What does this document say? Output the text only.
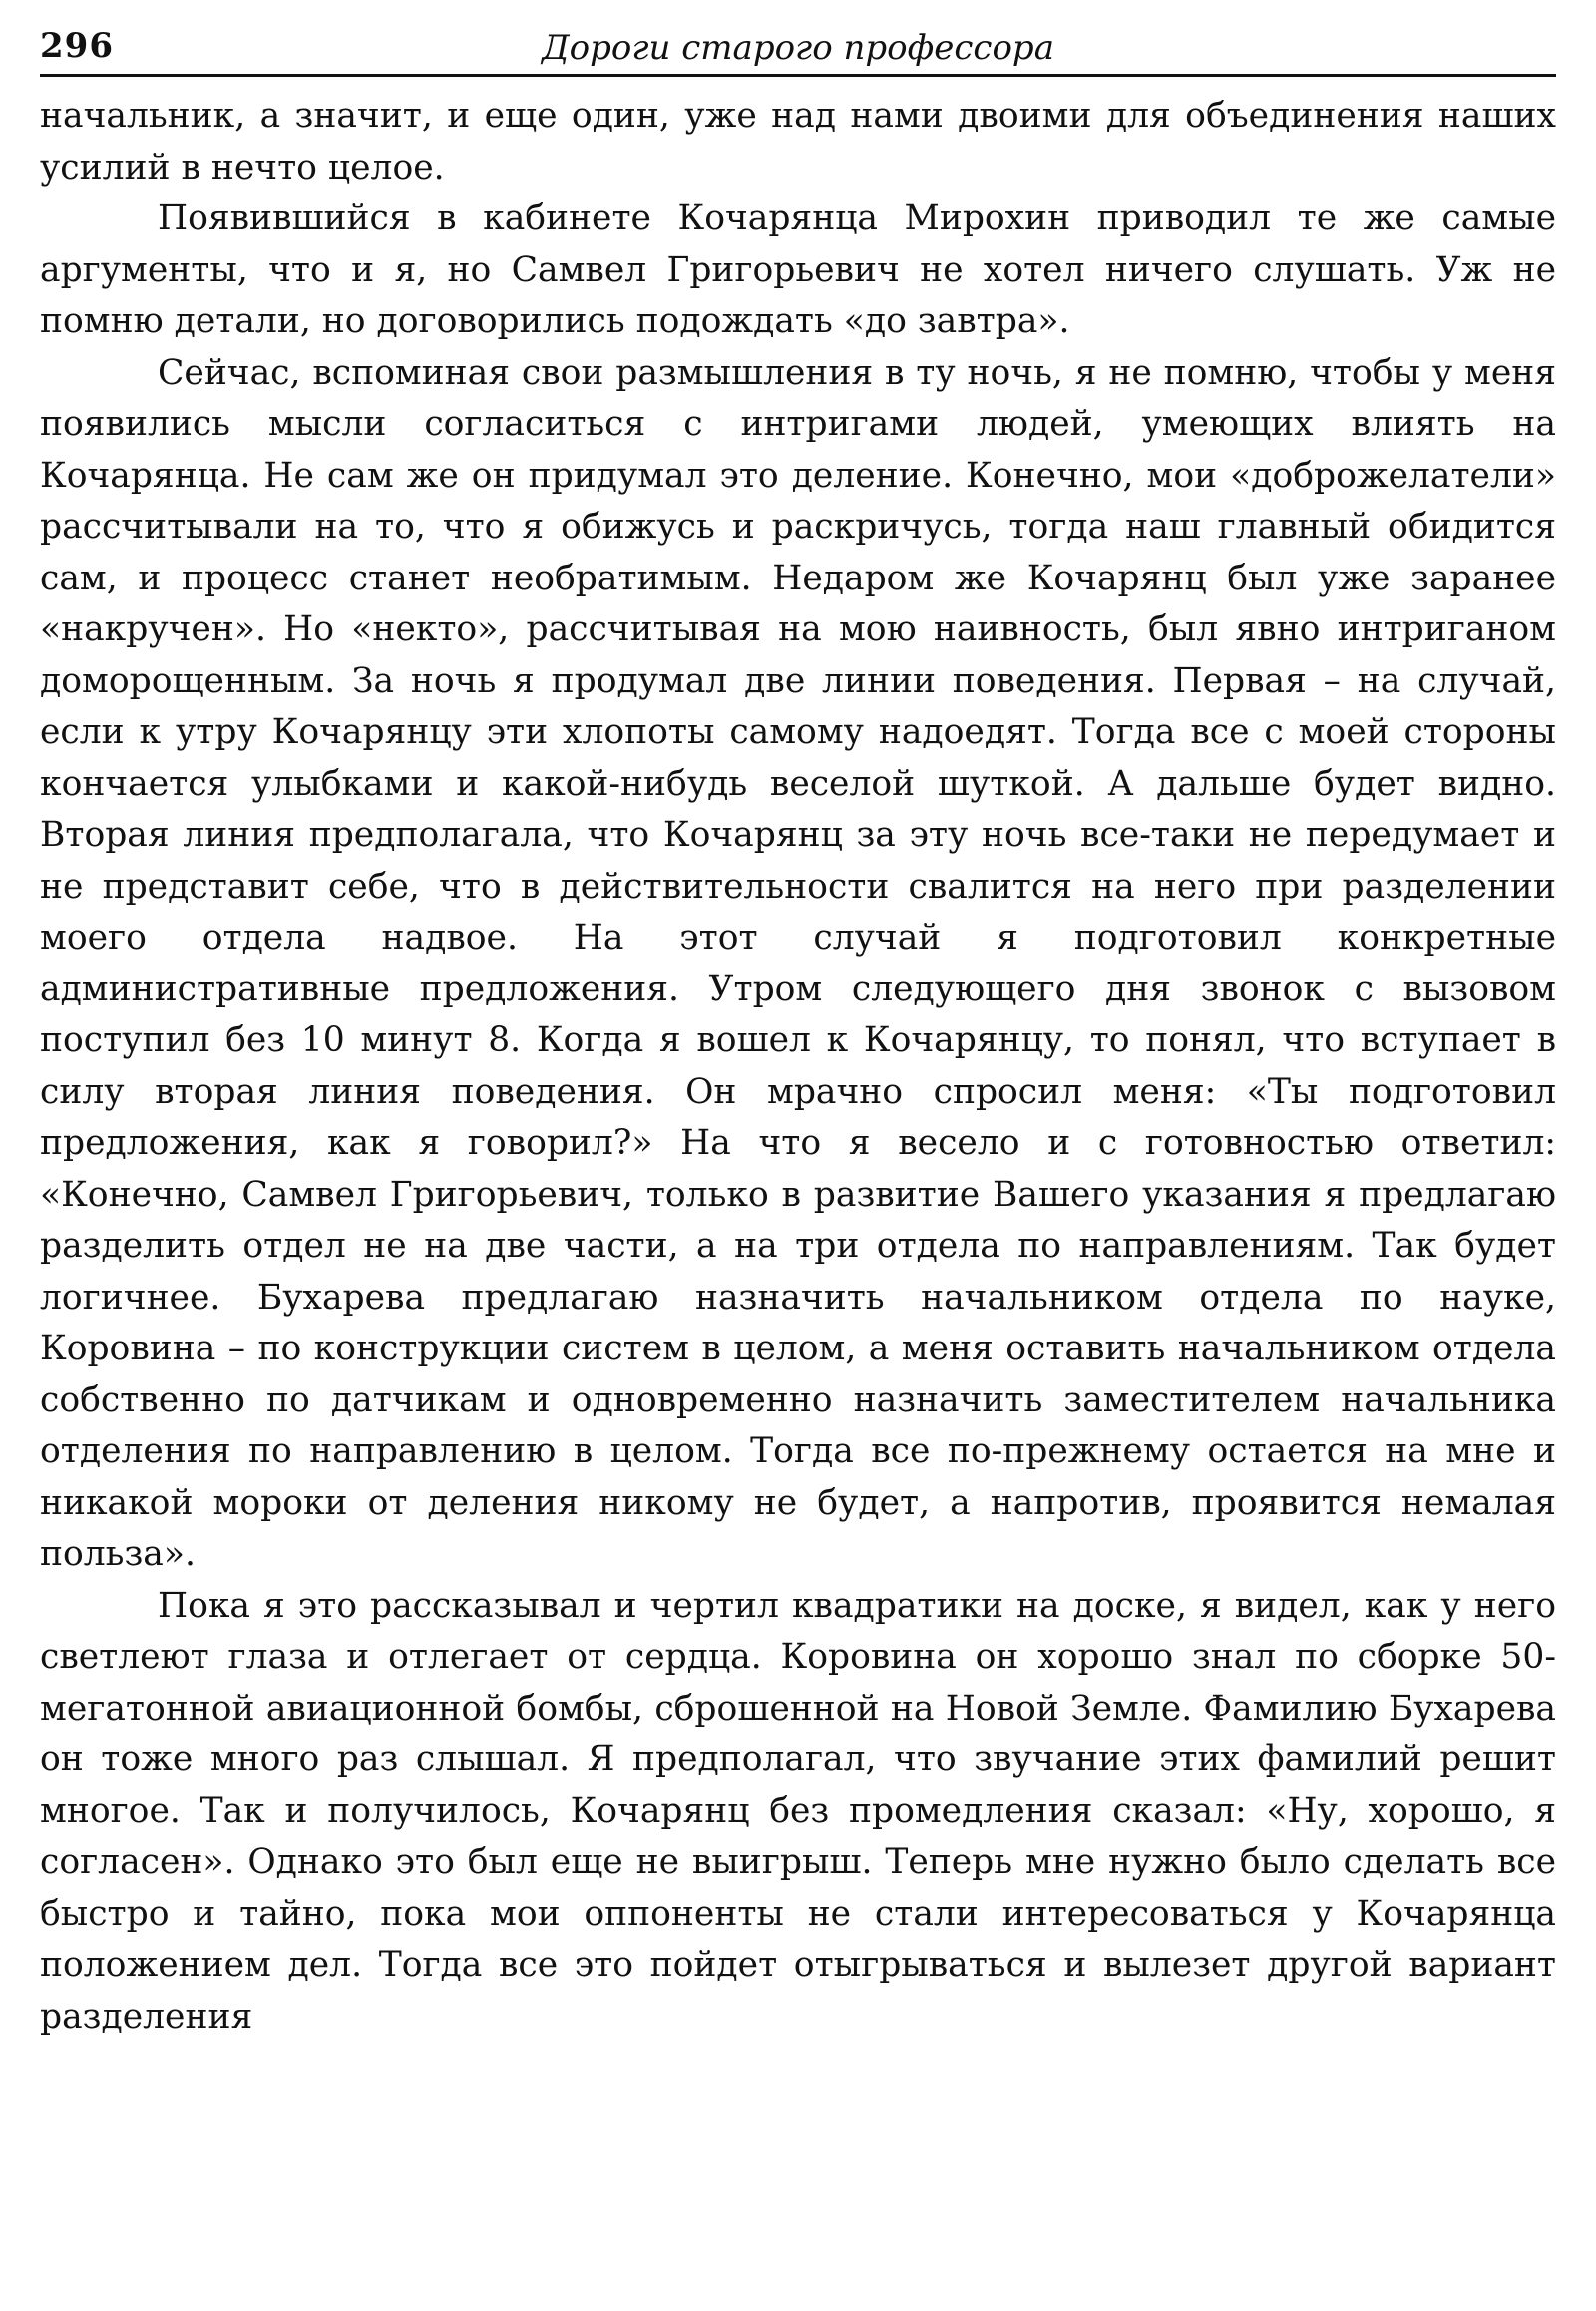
296	Дороги старого профессора

начальник, а значит, и еще один, уже над нами двоими для объединения наших усилий в нечто целое.

Появившийся в кабинете Кочарянца Мирохин приводил те же самые аргументы, что и я, но Самвел Григорьевич не хотел ничего слушать. Уж не помню детали, но договорились подождать «до завтра».

Сейчас, вспоминая свои размышления в ту ночь, я не помню, чтобы у меня появились мысли согласиться с интригами людей, умеющих влиять на Кочарянца. Не сам же он придумал это деление. Конечно, мои «доброжелатели» рассчитывали на то, что я обижусь и раскричусь, тогда наш главный обидится сам, и процесс станет необратимым. Недаром же Кочарянц был уже заранее «накручен». Но «некто», рассчитывая на мою наивность, был явно интриганом доморощенным. За ночь я продумал две линии поведения. Первая – на случай, если к утру Кочарянцу эти хлопоты самому надоедят. Тогда все с моей стороны кончается улыбками и какой-нибудь веселой шуткой. А дальше будет видно. Вторая линия предполагала, что Кочарянц за эту ночь все-таки не передумает и не представит себе, что в действительности свалится на него при разделении моего отдела надвое. На этот случай я подготовил конкретные административные предложения. Утром следующего дня звонок с вызовом поступил без 10 минут 8. Когда я вошел к Кочарянцу, то понял, что вступает в силу вторая линия поведения. Он мрачно спросил меня: «Ты подготовил предложения, как я говорил?» На что я весело и с готовностью ответил: «Конечно, Самвел Григорьевич, только в развитие Вашего указания я предлагаю разделить отдел не на две части, а на три отдела по направлениям. Так будет логичнее. Бухарева предлагаю назначить начальником отдела по науке, Коровина – по конструкции систем в целом, а меня оставить начальником отдела собственно по датчикам и одновременно назначить заместителем начальника отделения по направлению в целом. Тогда все по-прежнему остается на мне и никакой мороки от деления никому не будет, а напротив, проявится немалая польза».

Пока я это рассказывал и чертил квадратики на доске, я видел, как у него светлеют глаза и отлегает от сердца. Коровина он хорошо знал по сборке 50-мегатонной авиационной бомбы, сброшенной на Новой Земле. Фамилию Бухарева он тоже много раз слышал. Я предполагал, что звучание этих фамилий решит многое. Так и получилось, Кочарянц без промедления сказал: «Ну, хорошо, я согласен». Однако это был еще не выигрыш. Теперь мне нужно было сделать все быстро и тайно, пока мои оппоненты не стали интересоваться у Кочарянца положением дел. Тогда все это пойдет отыгрываться и вылезет другой вариант разделения
